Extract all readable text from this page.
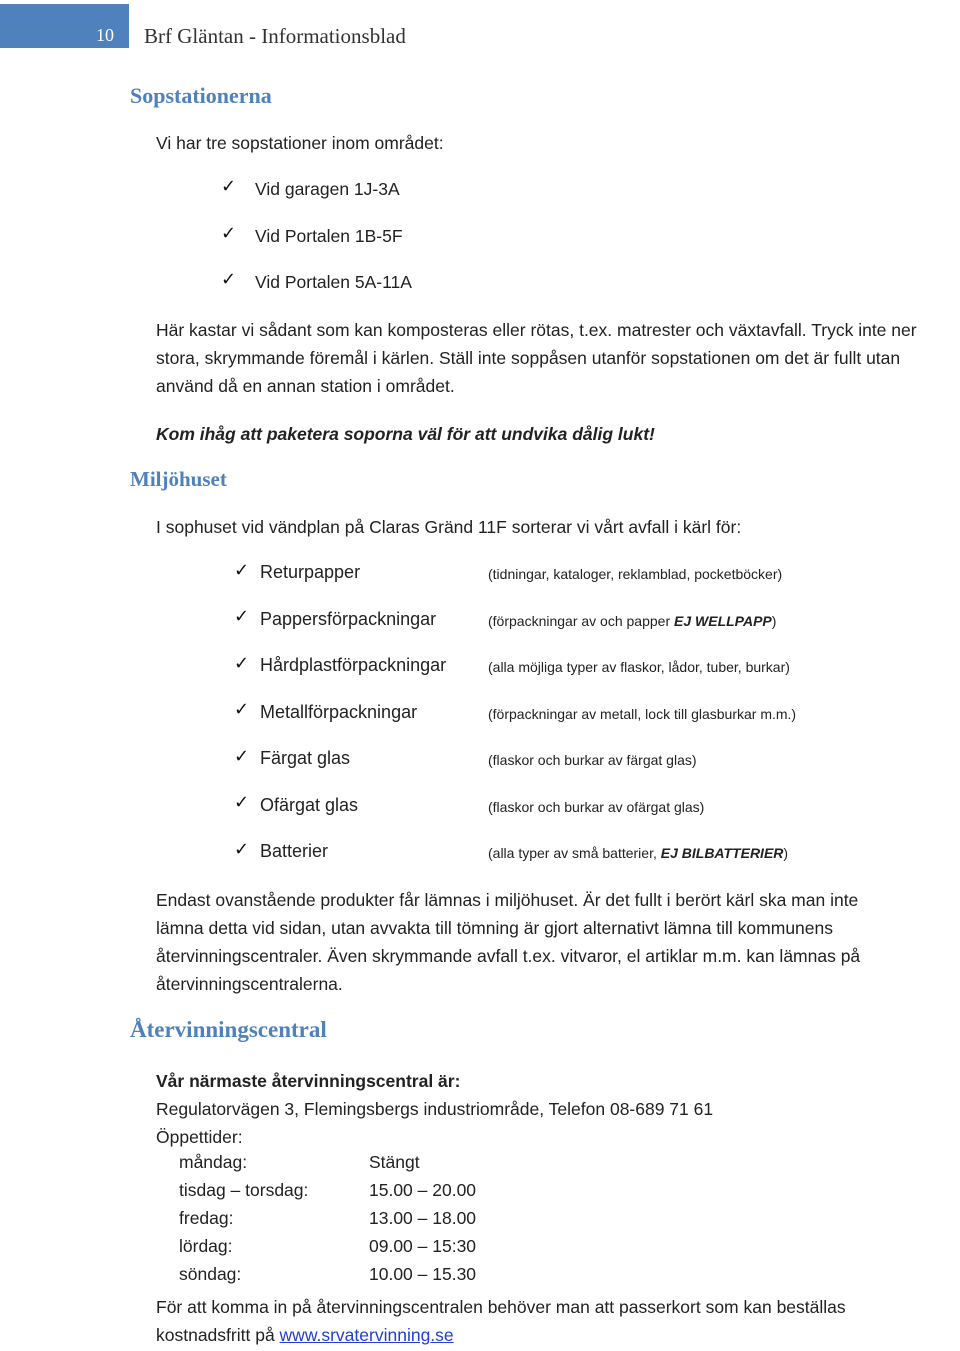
10 Brf Gläntan - Informationsblad
Sopstationerna
Vi har tre sopstationer inom området:
✓ Vid garagen 1J-3A
✓ Vid Portalen 1B-5F
✓ Vid Portalen 5A-11A
Här kastar vi sådant som kan komposteras eller rötas, t.ex. matrester och växtavfall. Tryck inte ner
stora, skrymmande föremål i kärlen. Ställ inte soppåsen utanför sopstationen om det är fullt utan
använd då en annan station i området.
Kom ihåg att paketera soporna väl för att undvika dålig lukt!
Miljöhuset
I sophuset vid vändplan på Claras Gränd 11F sorterar vi vårt avfall i kärl för:
✓ Returpapper	(tidningar, kataloger, reklamblad, pocketböcker)
✓ Pappersförpackningar	(förpackningar av och papper EJ WELLPAPP)
✓ Hårdplastförpackningar	(alla möjliga typer av flaskor, lådor, tuber, burkar)
✓ Metallförpackningar	(förpackningar av metall, lock till glasburkar m.m.)
✓ Färgat glas	(flaskor och burkar av färgat glas)
✓ Ofärgat glas	(flaskor och burkar av ofärgat glas)
✓ Batterier	(alla typer av små batterier, EJ BILBATTERIER)
Endast ovanstående produkter får lämnas i miljöhuset. Är det fullt i berört kärl ska man inte
lämna detta vid sidan, utan avvakta till tömning är gjort alternativt lämna till kommunens
återvinningscentraler. Även skrymmande avfall t.ex. vitvaror, el artiklar m.m. kan lämnas på
återvinningscentralerna.
Återvinningscentral
Vår närmaste återvinningscentral är:
Regulatorvägen 3, Flemingsbergs industriområde, Telefon 08-689 71 61
Öppettider:
måndag:	Stängt
tisdag – torsdag:	15.00 – 20.00
fredag:	13.00 – 18.00
lördag:	09.00 – 15:30
söndag:	10.00 – 15.30
För att komma in på återvinningscentralen behöver man att passerkort som kan beställas
kostnadsfritt på www.srvatervinning.se
